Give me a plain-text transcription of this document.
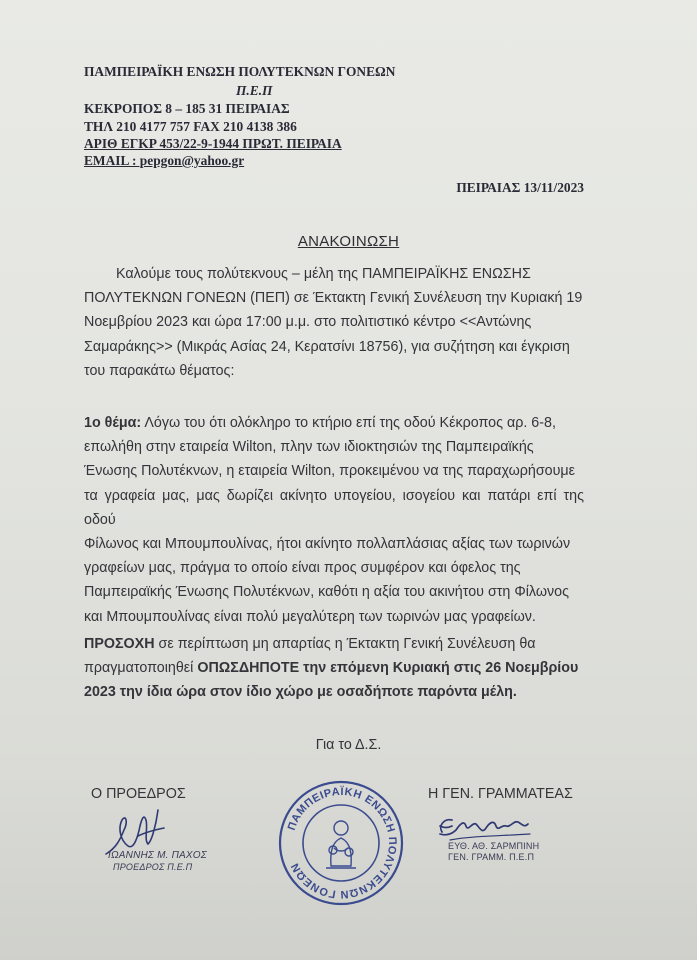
ΠΑΜΠΕΙΡΑΪΚΗ ΕΝΩΣΗ ΠΟΛΥΤΕΚΝΩΝ ΓΟΝΕΩΝ
Π.Ε.Π
ΚΕΚΡΟΠΟΣ 8 – 185 31 ΠΕΙΡΑΙΑΣ
ΤΗΛ 210 4177 757 FAX 210 4138 386
ΑΡΙΘ ΕΓΚΡ 453/22-9-1944 ΠΡΩΤ. ΠΕΙΡΑΙΑ
EMAIL : pepgon@yahoo.gr
ΠΕΙΡΑΙΑΣ 13/11/2023
ΑΝΑΚΟΙΝΩΣΗ

Καλούμε τους πολύτεκνους – μέλη της ΠΑΜΠΕΙΡΑΪΚΗΣ ΕΝΩΣΗΣ

ΠΟΛΥΤΕΚΝΩΝ ΓΟΝΕΩΝ (ΠΕΠ) σε Έκτακτη Γενική Συνέλευση την Κυριακή 19

Νοεμβρίου 2023 και ώρα 17:00 μ.μ. στο πολιτιστικό κέντρο <<Αντώνης

Σαμαράκης>> (Μικράς Ασίας 24, Κερατσίνι 18756), για συζήτηση και έγκριση

του παρακάτω θέματος:

1ο θέμα: Λόγω του ότι ολόκληρο το κτήριο επί της οδού Κέκροπος αρ. 6-8,

επωλήθη στην εταιρεία Wilton, πλην των ιδιοκτησιών της Παμπειραϊκής

Ένωσης Πολυτέκνων, η εταιρεία Wilton, προκειμένου να της παραχωρήσουμε

τα γραφεία μας, μας δωρίζει ακίνητο υπογείου, ισογείου και πατάρι επί της οδού

Φίλωνος και Μπουμπουλίνας, ήτοι ακίνητο πολλαπλάσιας αξίας των τωρινών

γραφείων μας, πράγμα το οποίο είναι προς συμφέρον και όφελος της

Παμπειραϊκής Ένωσης Πολυτέκνων, καθότι η αξία του ακινήτου στη Φίλωνος

και Μπουμπουλίνας είναι πολύ μεγαλύτερη των τωρινών μας γραφείων.

ΠΡΟΣΟΧΗ σε περίπτωση μη απαρτίας η Έκτακτη Γενική Συνέλευση θα

πραγματοποιηθεί ΟΠΩΣΔΗΠΟΤΕ την επόμενη Κυριακή στις 26 Νοεμβρίου

2023 την ίδια ώρα στον ίδιο χώρο με οσαδήποτε παρόντα μέλη.

Για το Δ.Σ.
Ο ΠΡΟΕΔΡΟΣ	Η ΓΕΝ. ΓΡΑΜΜΑΤΕΑΣ
ΙΩΑΝΝΗΣ Μ. ΠΑΧΟΣ
ΠΡΟΕΔΡΟΣ Π.Ε.Π
ΕΥΘ. ΑΘ. ΣΑΡΜΠΙΝΗ
ΓΕΝ. ΓΡΑΜΜ. Π.Ε.Π
ΠΑΜΠΕΙΡΑΪΚΗ ΕΝΩΣΗ ΠΟΛΥΤΕΚΝΩΝ ΓΟΝΕΩΝ
